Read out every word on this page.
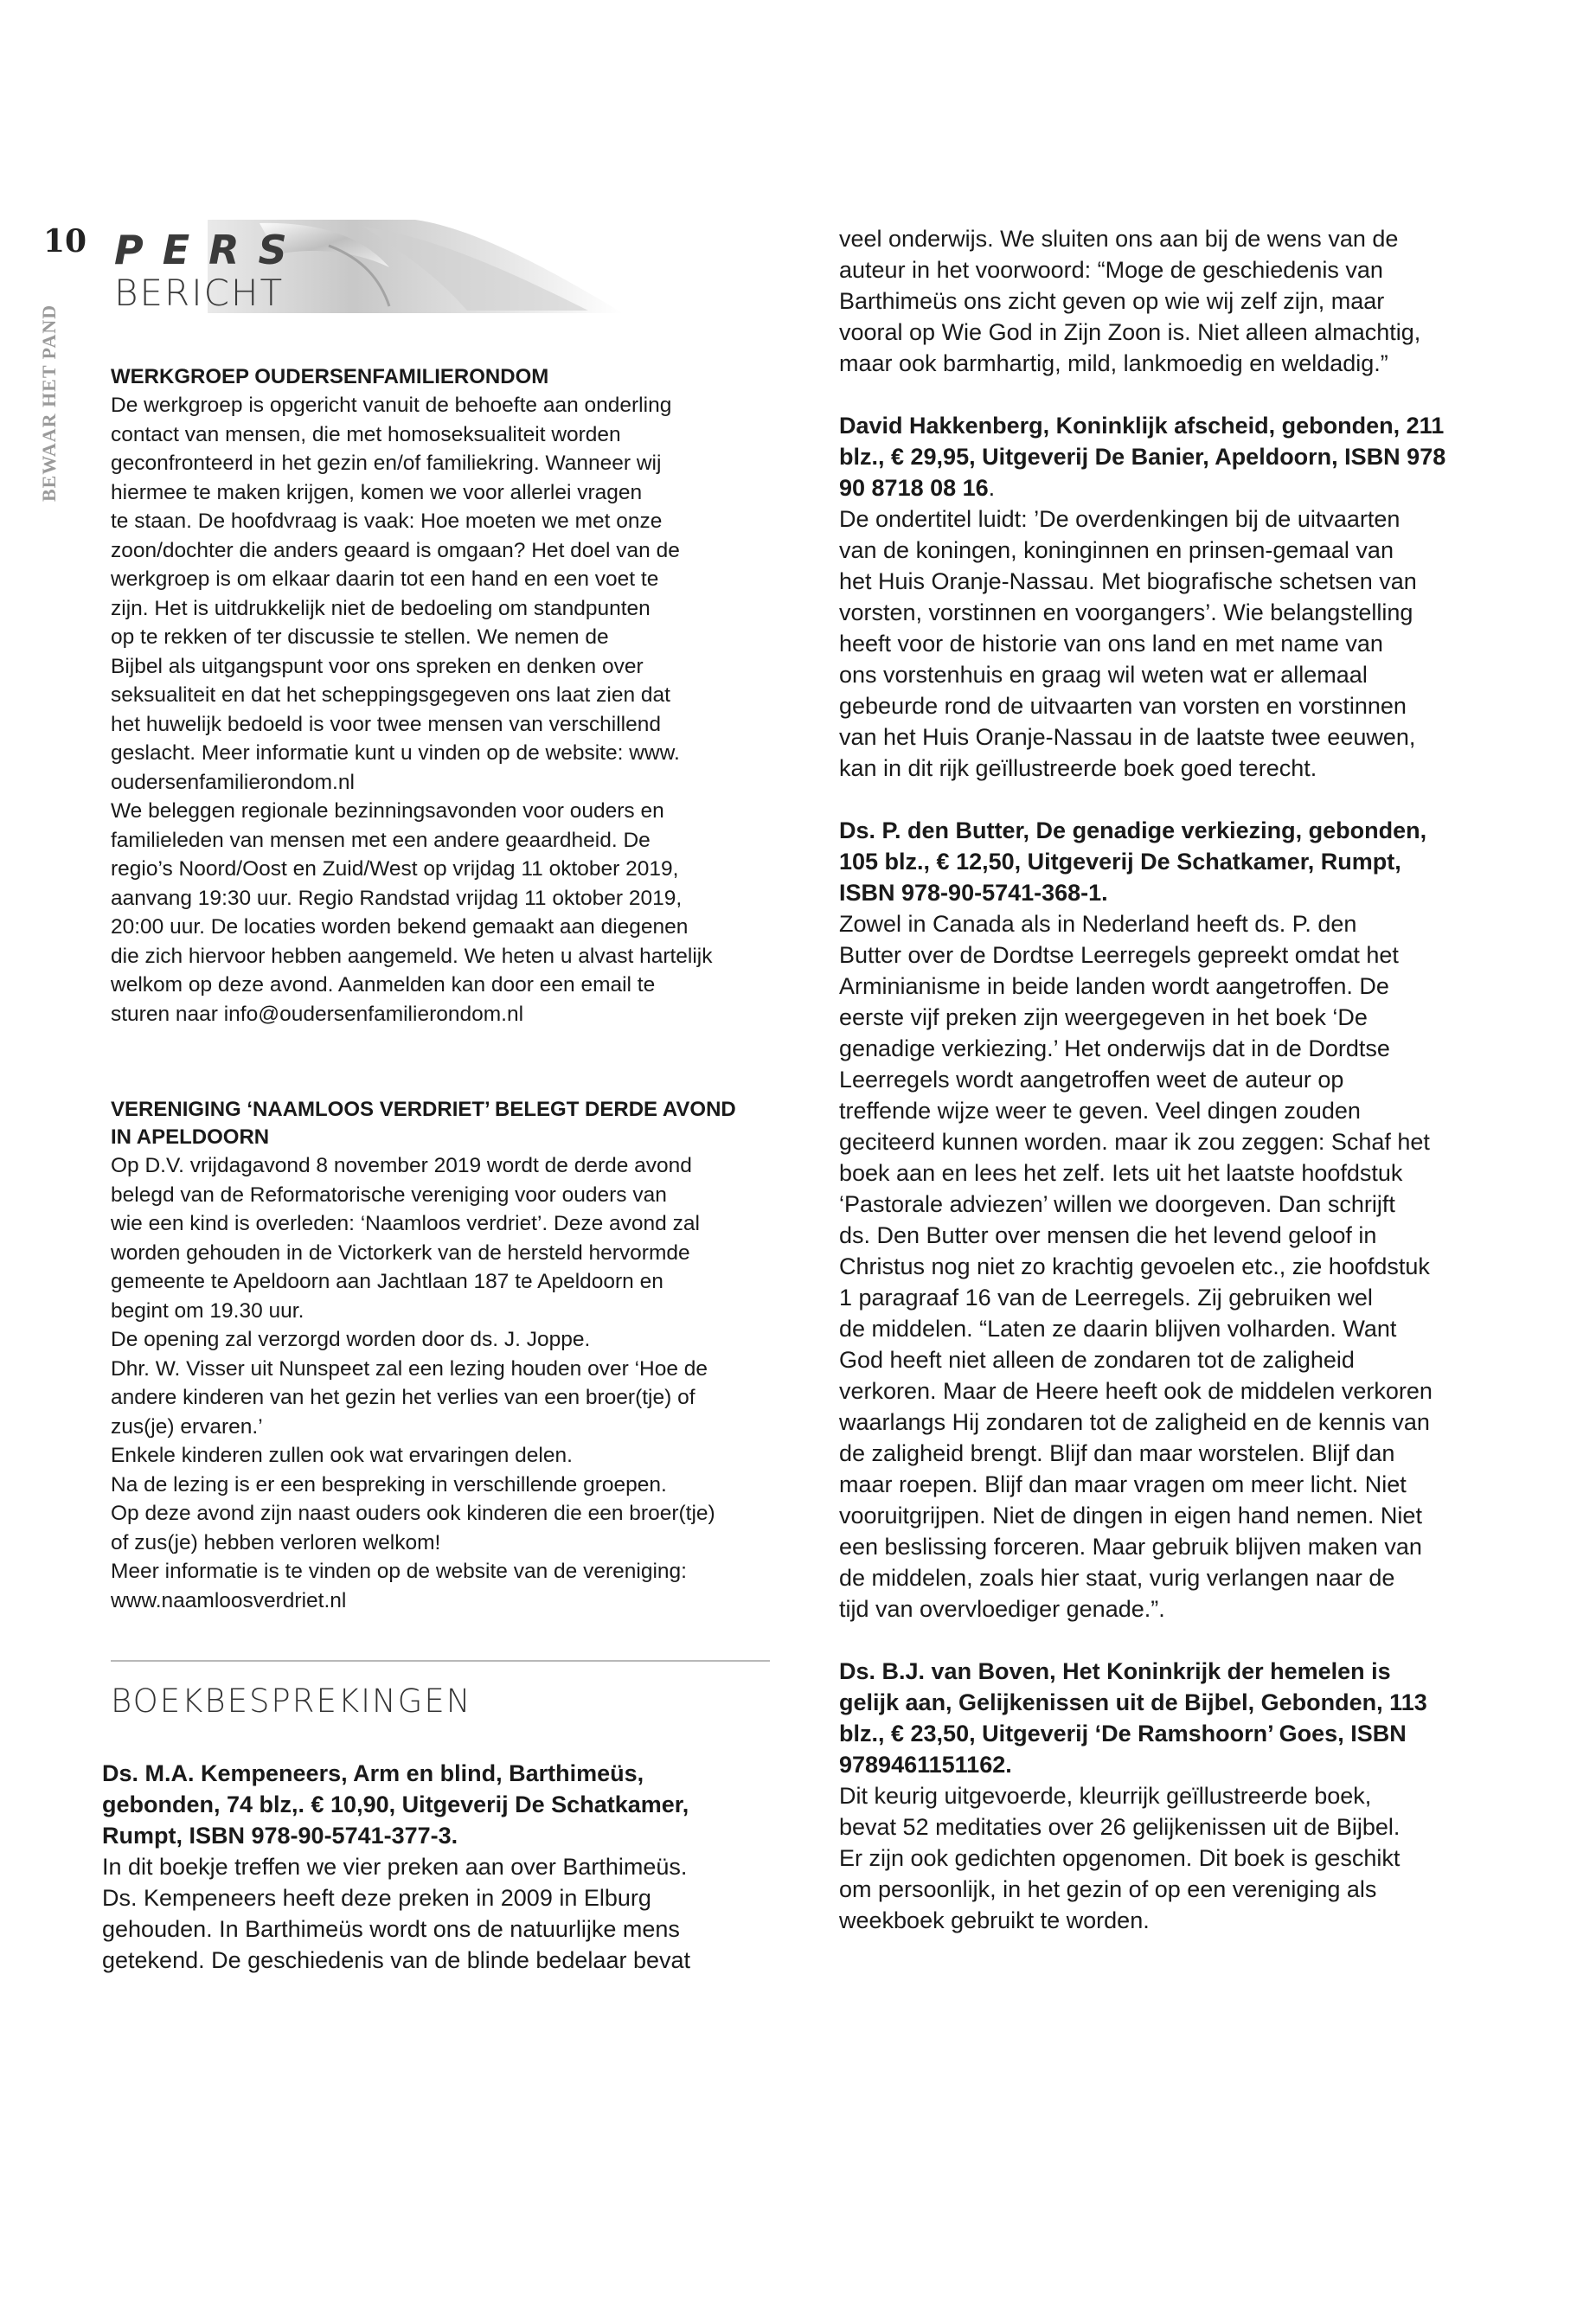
10
BEWAAR HET PAND
PERS
BERICHT
WERKGROEP OUDERSENFAMILIERONDOM
De werkgroep is opgericht vanuit de behoefte aan onderling
contact van mensen, die met homoseksualiteit worden
geconfronteerd in het gezin en/of familiekring. Wanneer wij
hiermee te maken krijgen, komen we voor allerlei vragen
te staan. De hoofdvraag is vaak: Hoe moeten we met onze
zoon/dochter die anders geaard is omgaan? Het doel van de
werkgroep is om elkaar daarin tot een hand en een voet te
zijn. Het is uitdrukkelijk niet de bedoeling om standpunten
op te rekken of ter discussie te stellen. We nemen de
Bijbel als uitgangspunt voor ons spreken en denken over
seksualiteit en dat het scheppingsgegeven ons laat zien dat
het huwelijk bedoeld is voor twee mensen van verschillend
geslacht. Meer informatie kunt u vinden op de website: www.
oudersenfamilierondom.nl
We beleggen regionale bezinningsavonden voor ouders en
familieleden van mensen met een andere geaardheid. De
regio’s Noord/Oost en Zuid/West op vrijdag 11 oktober 2019,
aanvang 19:30 uur. Regio Randstad vrijdag 11 oktober 2019,
20:00 uur. De locaties worden bekend gemaakt aan diegenen
die zich hiervoor hebben aangemeld. We heten u alvast hartelijk
welkom op deze avond. Aanmelden kan door een email te
sturen naar info@oudersenfamilierondom.nl
VERENIGING ‘NAAMLOOS VERDRIET’ BELEGT DERDE AVOND
IN APELDOORN
Op D.V. vrijdagavond 8 november 2019 wordt de derde avond
belegd van de Reformatorische vereniging voor ouders van
wie een kind is overleden: ‘Naamloos verdriet’. Deze avond zal
worden gehouden in de Victorkerk van de hersteld hervormde
gemeente te Apeldoorn aan Jachtlaan 187 te Apeldoorn en
begint om 19.30 uur.
De opening zal verzorgd worden door ds. J. Joppe.
Dhr. W. Visser uit Nunspeet zal een lezing houden over ‘Hoe de
andere kinderen van het gezin het verlies van een broer(tje) of
zus(je) ervaren.’
Enkele kinderen zullen ook wat ervaringen delen.
Na de lezing is er een bespreking in verschillende groepen.
Op deze avond zijn naast ouders ook kinderen die een broer(tje)
of zus(je) hebben verloren welkom!
Meer informatie is te vinden op de website van de vereniging:
www.naamloosverdriet.nl
BOEKBESPREKINGEN
Ds. M.A. Kempeneers, Arm en blind, Barthimeüs,
gebonden, 74 blz,. € 10,90, Uitgeverij De Schatkamer,
Rumpt, ISBN 978-90-5741-377-3.
In dit boekje treffen we vier preken aan over Barthimeüs.
Ds. Kempeneers heeft deze preken in 2009 in Elburg
gehouden. In Barthimeüs wordt ons de natuurlijke mens
getekend. De geschiedenis van de blinde bedelaar bevat
veel onderwijs. We sluiten ons aan bij de wens van de
auteur in het voorwoord: “Moge de geschiedenis van
Barthimeüs ons zicht geven op wie wij zelf zijn, maar
vooral op Wie God in Zijn Zoon is. Niet alleen almachtig,
maar ook barmhartig, mild, lankmoedig en weldadig.”
David Hakkenberg, Koninklijk afscheid, gebonden, 211
blz., € 29,95, Uitgeverij De Banier, Apeldoorn, ISBN 978
90 8718 08 16.
De ondertitel luidt: ’De overdenkingen bij de uitvaarten
van de koningen, koninginnen en prinsen-gemaal van
het Huis Oranje-Nassau. Met biografische schetsen van
vorsten, vorstinnen en voorgangers’. Wie belangstelling
heeft voor de historie van ons land en met name van
ons vorstenhuis en graag wil weten wat er allemaal
gebeurde rond de uitvaarten van vorsten en vorstinnen
van het Huis Oranje-Nassau in de laatste twee eeuwen,
kan in dit rijk geïllustreerde boek goed terecht.
Ds. P. den Butter, De genadige verkiezing, gebonden,
105 blz., € 12,50, Uitgeverij De Schatkamer, Rumpt,
ISBN 978-90-5741-368-1.
Zowel in Canada als in Nederland heeft ds. P. den
Butter over de Dordtse Leerregels gepreekt omdat het
Arminianisme in beide landen wordt aangetroffen. De
eerste vijf preken zijn weergegeven in het boek ‘De
genadige verkiezing.’ Het onderwijs dat in de Dordtse
Leerregels wordt aangetroffen weet de auteur op
treffende wijze weer te geven. Veel dingen zouden
geciteerd kunnen worden. maar ik zou zeggen: Schaf het
boek aan en lees het zelf. Iets uit het laatste hoofdstuk
‘Pastorale adviezen’ willen we doorgeven. Dan schrijft
ds. Den Butter over mensen die het levend geloof in
Christus nog niet zo krachtig gevoelen etc., zie hoofdstuk
1 paragraaf 16 van de Leerregels. Zij gebruiken wel
de middelen. “Laten ze daarin blijven volharden. Want
God heeft niet alleen de zondaren tot de zaligheid
verkoren. Maar de Heere heeft ook de middelen verkoren
waarlangs Hij zondaren tot de zaligheid en de kennis van
de zaligheid brengt. Blijf dan maar worstelen. Blijf dan
maar roepen. Blijf dan maar vragen om meer licht. Niet
vooruitgrijpen. Niet de dingen in eigen hand nemen. Niet
een beslissing forceren. Maar gebruik blijven maken van
de middelen, zoals hier staat, vurig verlangen naar de
tijd van overvloediger genade.”.
Ds. B.J. van Boven, Het Koninkrijk der hemelen is
gelijk aan, Gelijkenissen uit de Bijbel, Gebonden, 113
blz., € 23,50, Uitgeverij ‘De Ramshoorn’ Goes, ISBN
9789461151162.
Dit keurig uitgevoerde, kleurrijk geïllustreerde boek,
bevat 52 meditaties over 26 gelijkenissen uit de Bijbel.
Er zijn ook gedichten opgenomen. Dit boek is geschikt
om persoonlijk, in het gezin of op een vereniging als
weekboek gebruikt te worden.
